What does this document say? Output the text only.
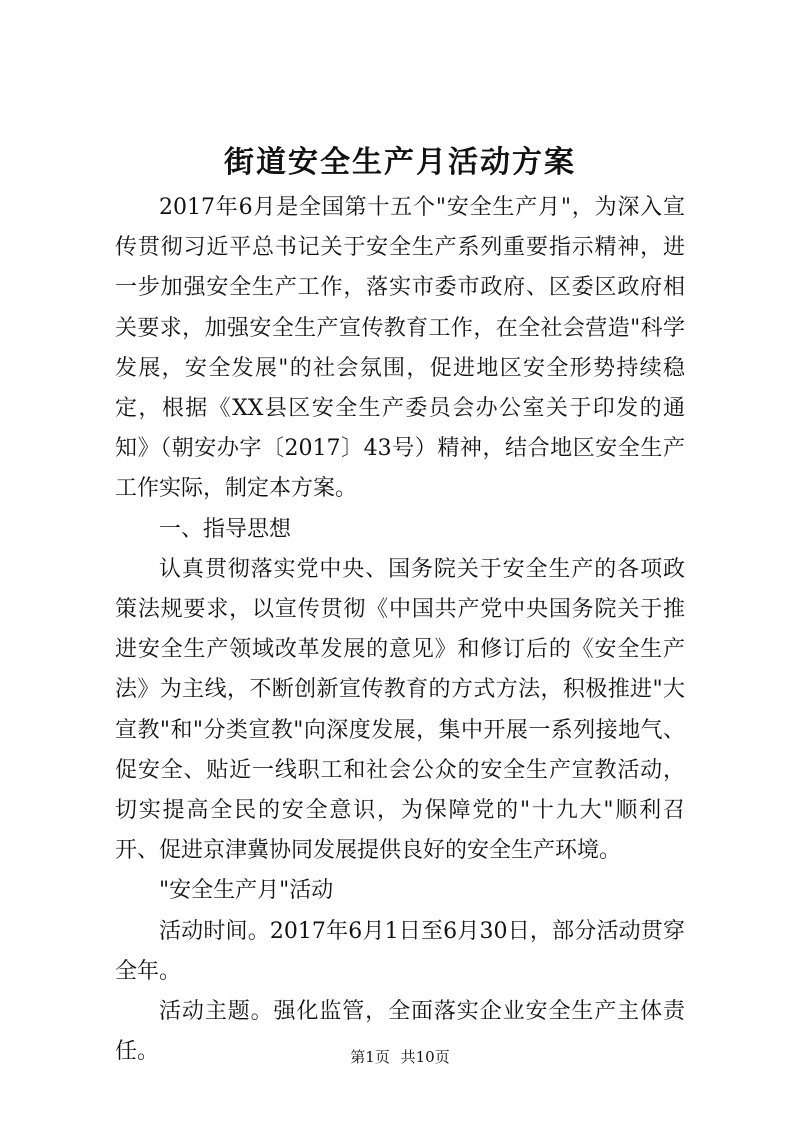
街道安全生产月活动方案

2017年6月是全国第十五个"安全生产月"，为深入宣传贯彻习近平总书记关于安全生产系列重要指示精神，进一步加强安全生产工作，落实市委市政府、区委区政府相关要求，加强安全生产宣传教育工作，在全社会营造"科学发展，安全发展"的社会氛围，促进地区安全形势持续稳定，根据《XX县区安全生产委员会办公室关于印发的通知》（朝安办字〔2017〕43号）精神，结合地区安全生产工作实际，制定本方案。

一、指导思想

认真贯彻落实党中央、国务院关于安全生产的各项政策法规要求，以宣传贯彻《中国共产党中央国务院关于推进安全生产领域改革发展的意见》和修订后的《安全生产法》为主线，不断创新宣传教育的方式方法，积极推进"大宣教"和"分类宣教"向深度发展，集中开展一系列接地气、促安全、贴近一线职工和社会公众的安全生产宣教活动，切实提高全民的安全意识，为保障党的"十九大"顺利召开、促进京津冀协同发展提供良好的安全生产环境。

"安全生产月"活动

活动时间。2017年6月1日至6月30日，部分活动贯穿全年。

活动主题。强化监管，全面落实企业安全生产主体责任。	第1页 共10页
